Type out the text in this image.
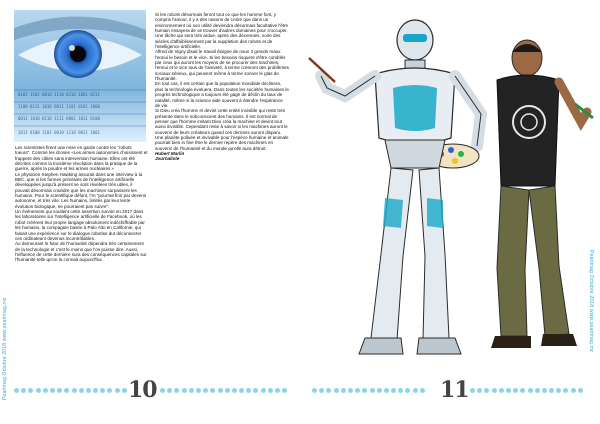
Pearlmag Octobre 2018 www.pearlmag.mc	Pearlmag Octobre 2018 www.pearlmag.mc
0101 1101 0010 1110 0110 1001 0111
1100 0111 1010 0011 1101 0101 1000
0011 1010 0110 1111 0001 1011 0100
1011 0100 1101 0010 1110 0011 1001

Les scientistes firent une mise en garde contre les "robots tueurs". Comme les drones «Les armes autonomes choisissent et frappent des cibles sans intervention humaine. Elles ont été décrites comme la troisième révolution dans la pratique de la guerre, après la poudre et les armes nucléaires »

Le physicien Stephen Hawking assurait dans une interview à la BBC, que si les formes primitives de l'intelligence artificielle développées jusqu'à présent se sont révélées très utiles, il pouvait désormais craindre que les machines surpassent les humains. Pour le scientifique défunt, l'IA "pourrait finir par devenir autonome, et très vite. Les humains, limités par leur lente évolution biologique, ne pourraient pas suivre".

Un événement qui soutient cette assertion survint en 2017 dans les laboratoires sur l'intelligence artificielle de Facebook, où les robot créèrent leur propre langage absolument indéchiffrable par les humains, la compagnie basée à Palo Alto en Californie, qui faisait une expérience sur le dialogue robotise dut déconnecter ces ordinateurs devenus incontrôlables.

Au demeurant le futur de l'humanité dépendra très certainement de la technologie et c'est le moins que l'on puisse dire. Aussi, l'influence de cette dernière sura des conséquences capitales sur l'humanité telle qu'on la connait aujourd'hui.

Si les robots désormais feront tout ce que les homme font, y compris l'amour, il y a des raisons de croire que dans un environnement où son utilité deviendra désormais facultative l'être humain essayera de se trouver d'autres domaines pour s'occuper. Une tâche qui sera très ardue, après des décennies, voire des siècles d'affaiblissement par la suppletion des robots et de l'intelligence artificielle.

Alfred de Vigny disait le travail éloigne de nous 3 grands maux l'ennui le besoin et le vice. Si les besoins risquent d'être comblés par ceux qui auront les moyens de se procurer des machines, l'ennui et le vice tous de l'oisiveté, à terme créeront des problèmes sociaux sérieux, qui peuvent même à terme sonner le glas de l'humanité.

En tout cas, il est certain que la population mondiale déclinera, plus la technologie évoluera. Dans toutes les sociétés humaines le progrès technologique a toujours été gage de déclin du taux de natalité, même si la science aide souvent à étendre l'espérance de vie.

Si Dieu créa l'homme et devint cette entité invisible qui reste très présente dans le subconscient des humains. Il est normal de penser que l'homme imitant Dieu créa la machine et devint tout aussi invisible. Cependant reste à savoir si les machines auront le souvenir de leurs créateurs quand ces derniers auront disparu. Une planète polluée et invivable pour l'espèce humaine et animale pourrait bien in fine être le dernier repère des machines en souvenir de l'humanité et du monde qu'elle aura détruit.

Hubert Marlin

Journaliste

10	11
